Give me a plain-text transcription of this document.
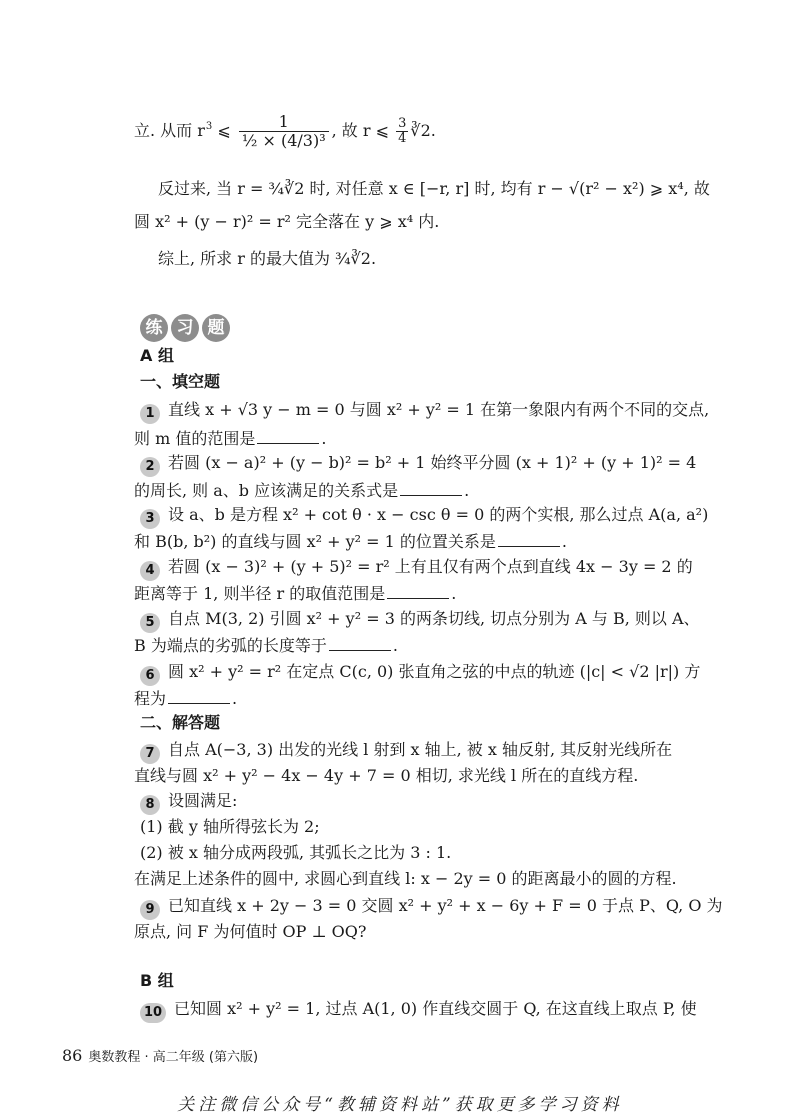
立. 从而 $r^3$ ⩽ $\frac{1}{\text{½ × (4/3)³}}$ , 故 r ⩽ $\frac{3}{4}$ ∛2.
反过来, 当 r = ¾∛2 时, 对任意 x ∈ [−r, r] 时, 均有 r − √(r² − x²) ⩾ x⁴, 故
圆 x² + (y − r)² = r² 完全落在 y ⩾ x⁴ 内.
综上, 所求 r 的最大值为 ¾∛2.
练 习 题
A 组
一、填空题
1 直线 x + √3 y − m = 0 与圆 x² + y² = 1 在第一象限内有两个不同的交点,
则 m 值的范围是	.
2 若圆 (x − a)² + (y − b)² = b² + 1 始终平分圆 (x + 1)² + (y + 1)² = 4
的周长, 则 a、b 应该满足的关系式是	.
3 设 a、b 是方程 x² + cot θ · x − csc θ = 0 的两个实根, 那么过点 A(a, a²)
和 B(b, b²) 的直线与圆 x² + y² = 1 的位置关系是	.
4 若圆 (x − 3)² + (y + 5)² = r² 上有且仅有两个点到直线 4x − 3y = 2 的
距离等于 1, 则半径 r 的取值范围是	.
5 自点 M(3, 2) 引圆 x² + y² = 3 的两条切线, 切点分别为 A 与 B, 则以 A、
B 为端点的劣弧的长度等于	.
6 圆 x² + y² = r² 在定点 C(c, 0) 张直角之弦的中点的轨迹 (|c| < √2 |r|) 方
程为	.
二、解答题
7 自点 A(−3, 3) 出发的光线 l 射到 x 轴上, 被 x 轴反射, 其反射光线所在
直线与圆 x² + y² − 4x − 4y + 7 = 0 相切, 求光线 l 所在的直线方程.
8 设圆满足:
(1) 截 y 轴所得弦长为 2;
(2) 被 x 轴分成两段弧, 其弧长之比为 3 : 1.
在满足上述条件的圆中, 求圆心到直线 l: x − 2y = 0 的距离最小的圆的方程.
9 已知直线 x + 2y − 3 = 0 交圆 x² + y² + x − 6y + F = 0 于点 P、Q, O 为
原点, 问 F 为何值时 OP ⊥ OQ?
B 组
10 已知圆 x² + y² = 1, 过点 A(1, 0) 作直线交圆于 Q, 在这直线上取点 P, 使
86 奥数教程 · 高二年级 (第六版)
关注微信公众号“教辅资料站”获取更多学习资料
